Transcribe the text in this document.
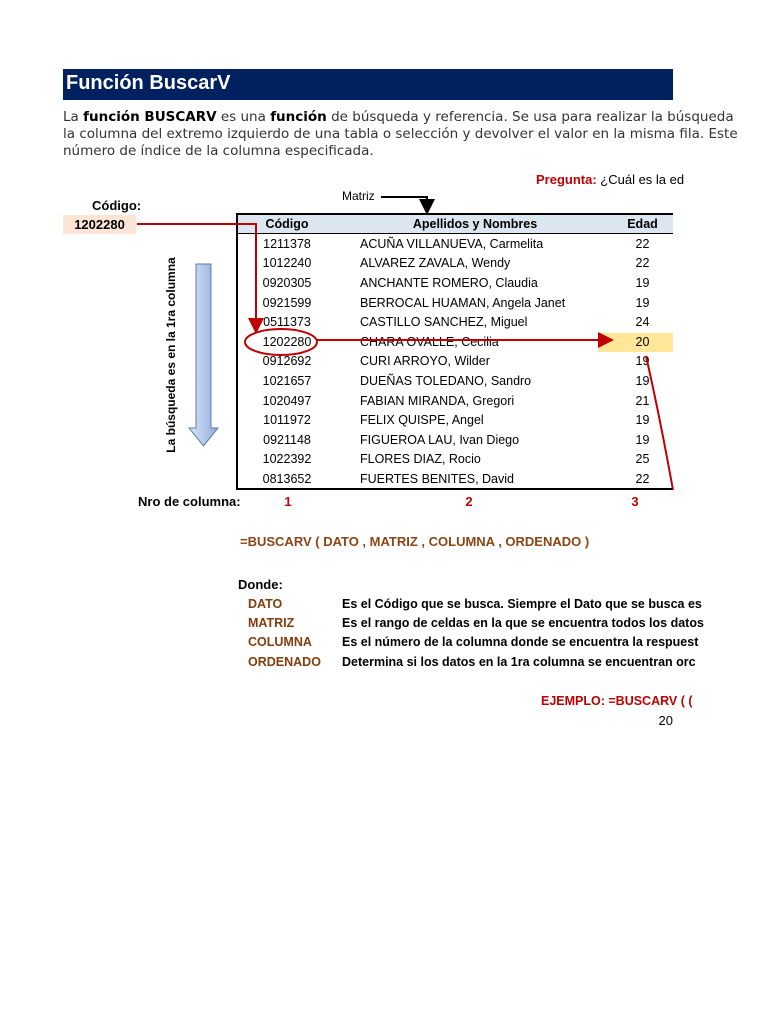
Función BuscarV
La función BUSCARV es una función de búsqueda y referencia. Se usa para realizar la búsqueda
la columna del extremo izquierdo de una tabla o selección y devolver el valor en la misma fila. Este
número de índice de la columna especificada.
Pregunta: ¿Cuál es la ed
Código:
1202280
Matriz
Código	Apellidos y Nombres	Edad
1211378	ACUÑA VILLANUEVA, Carmelita	22
1012240	ALVAREZ ZAVALA, Wendy	22
0920305	ANCHANTE ROMERO, Claudia	19
0921599	BERROCAL HUAMAN, Angela Janet	19
0511373	CASTILLO SANCHEZ, Miguel	24
1202280	CHARA OVALLE, Cecilia	20
0912692	CURI ARROYO, Wilder	19
1021657	DUEÑAS TOLEDANO, Sandro	19
1020497	FABIAN MIRANDA, Gregori	21
1011972	FELIX QUISPE, Angel	19
0921148	FIGUEROA LAU, Ivan Diego	19
1022392	FLORES DIAZ, Rocio	25
0813652	FUERTES BENITES, David	22
La búsqueda es en la 1ra columna
Nro de columna:	1	2	3
=BUSCARV ( DATO , MATRIZ , COLUMNA , ORDENADO )
Donde:
DATO	Es el Código que se busca. Siempre el Dato que se busca es
MATRIZ	Es el rango de celdas en la que se encuentra todos los datos
COLUMNA Es el número de la columna donde se encuentra la respuest
ORDENADO Determina si los datos en la 1ra columna se encuentran orc
EJEMPLO: =BUSCARV ( (
20
